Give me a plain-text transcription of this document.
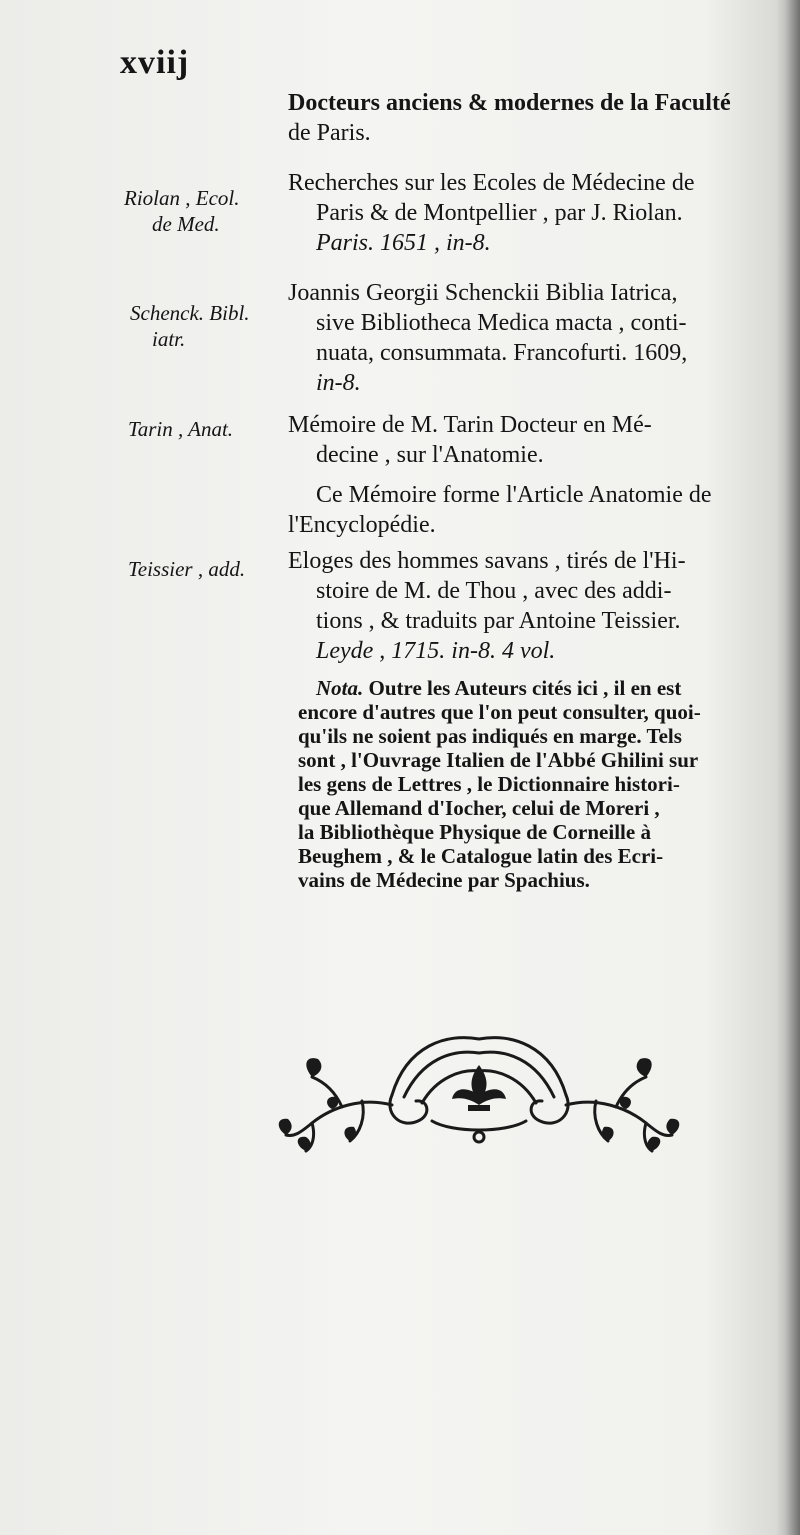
xviij
Docteurs anciens & modernes de la Faculté
de Paris.
Riolan , Ecol.
de Med.
Recherches sur les Ecoles de Médecine de
Paris & de Montpellier , par J. Riolan.
Paris. 1651 , in-8.
Schenck. Bibl.
iatr.
Joannis Georgii Schenckii Biblia Iatrica,
sive Bibliotheca Medica macta , conti-
nuata, consummata. Francofurti. 1609,
in-8.
Tarin , Anat. Mémoire de M. Tarin Docteur en Mé-
decine , sur l'Anatomie.
Ce Mémoire forme l'Article Anatomie de
l'Encyclopédie.
Teissier , add. Eloges des hommes savans , tirés de l'Hi-
stoire de M. de Thou , avec des addi-
tions , & traduits par Antoine Teissier.
Leyde , 1715. in-8. 4 vol.
Nota. Outre les Auteurs cités ici , il en est
encore d'autres que l'on peut consulter, quoi-
qu'ils ne soient pas indiqués en marge. Tels
sont , l'Ouvrage Italien de l'Abbé Ghilini sur
les gens de Lettres , le Dictionnaire histori-
que Allemand d'Iocher, celui de Moreri ,
la Bibliothèque Physique de Corneille à
Beughem , & le Catalogue latin des Ecri-
vains de Médecine par Spachius.
